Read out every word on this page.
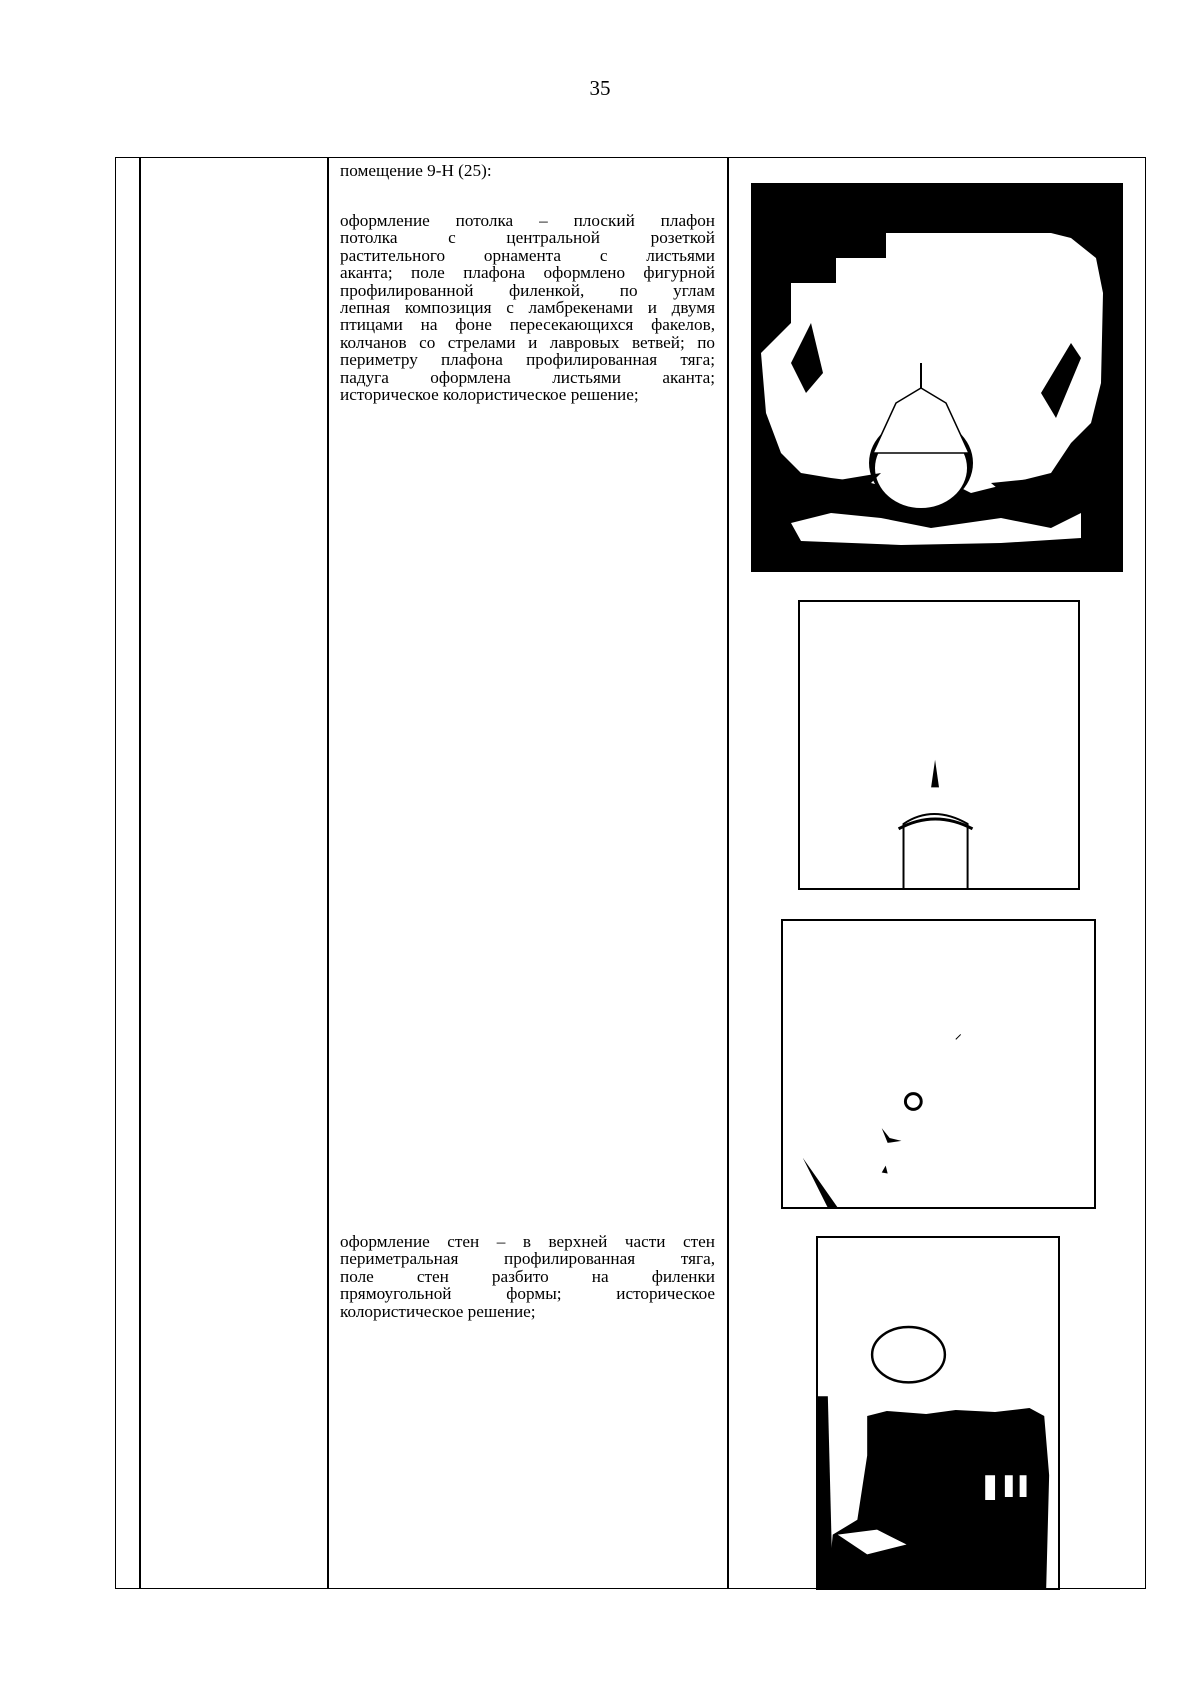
35

помещение 9-Н (25):

оформление потолка – плоский плафон
потолка с центральной розеткой
растительного орнамента с листьями
аканта; поле плафона оформлено фигурной
профилированной филенкой, по углам
лепная композиция с ламбрекенами и двумя
птицами на фоне пересекающихся факелов,
колчанов со стрелами и лавровых ветвей; по
периметру плафона профилированная тяга;
падуга оформлена листьями аканта;
историческое колористическое решение;

оформление стен – в верхней части стен
периметральная профилированная тяга,
поле стен разбито на филенки
прямоугольной формы; историческое
колористическое решение;
